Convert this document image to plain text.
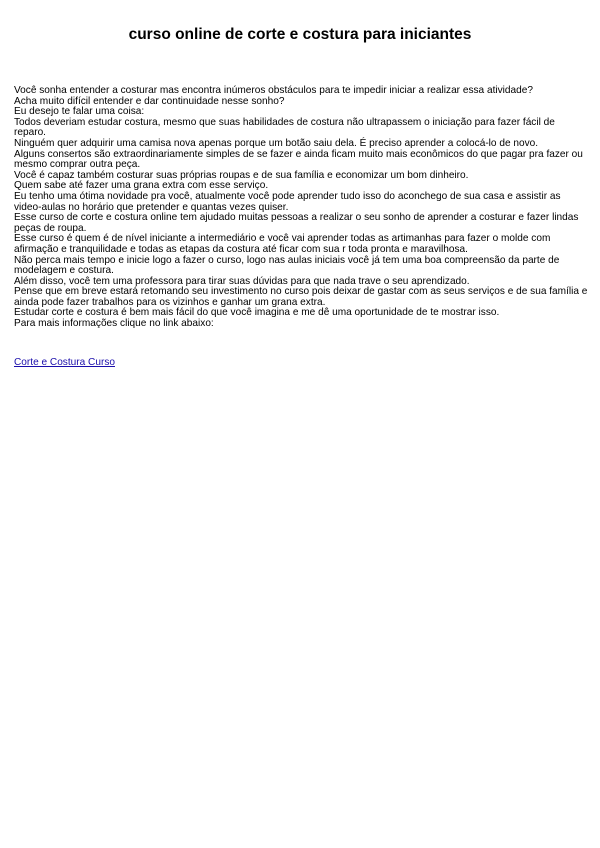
curso online de corte e costura para iniciantes

Você sonha entender a costurar mas encontra inúmeros obstáculos para te impedir iniciar a realizar essa atividade?

Acha muito difícil entender e dar continuidade nesse sonho?

Eu desejo te falar uma coisa:

Todos deveriam estudar costura, mesmo que suas habilidades de costura não ultrapassem o iniciação para fazer fácil de reparo.

Ninguém quer adquirir uma camisa nova apenas porque um botão saiu dela. É preciso aprender a colocá-lo de novo.

Alguns consertos são extraordinariamente simples de se fazer e ainda ficam muito mais econômicos do que pagar pra fazer ou mesmo comprar outra peça.

Você é capaz também costurar suas próprias roupas e de sua família e economizar um bom dinheiro.

Quem sabe até fazer uma grana extra com esse serviço.

Eu tenho uma ótima novidade pra você, atualmente você pode aprender tudo isso do aconchego de sua casa e assistir as video-aulas no horário que pretender e quantas vezes quiser.

Esse curso de corte e costura online tem ajudado muitas pessoas a realizar o seu sonho de aprender a costurar e fazer lindas peças de roupa.

Esse curso é quem é de nível iniciante a intermediário e você vai aprender todas as artimanhas para fazer o molde com afirmação e tranquilidade e todas as etapas da costura até ficar com sua r toda pronta e maravilhosa.

Não perca mais tempo e inicie logo a fazer o curso, logo nas aulas iniciais você já tem uma boa compreensão da parte de modelagem e costura.

Além disso, você tem uma professora para tirar suas dúvidas para que nada trave o seu aprendizado.

Pense que em breve estará retomando seu investimento no curso pois deixar de gastar com as seus serviços e de sua família e ainda pode fazer trabalhos para os vizinhos e ganhar um grana extra.

Estudar corte e costura é bem mais fácil do que você imagina e me dê uma oportunidade de te mostrar isso.

Para mais informações clique no link abaixo:

Corte e Costura Curso
